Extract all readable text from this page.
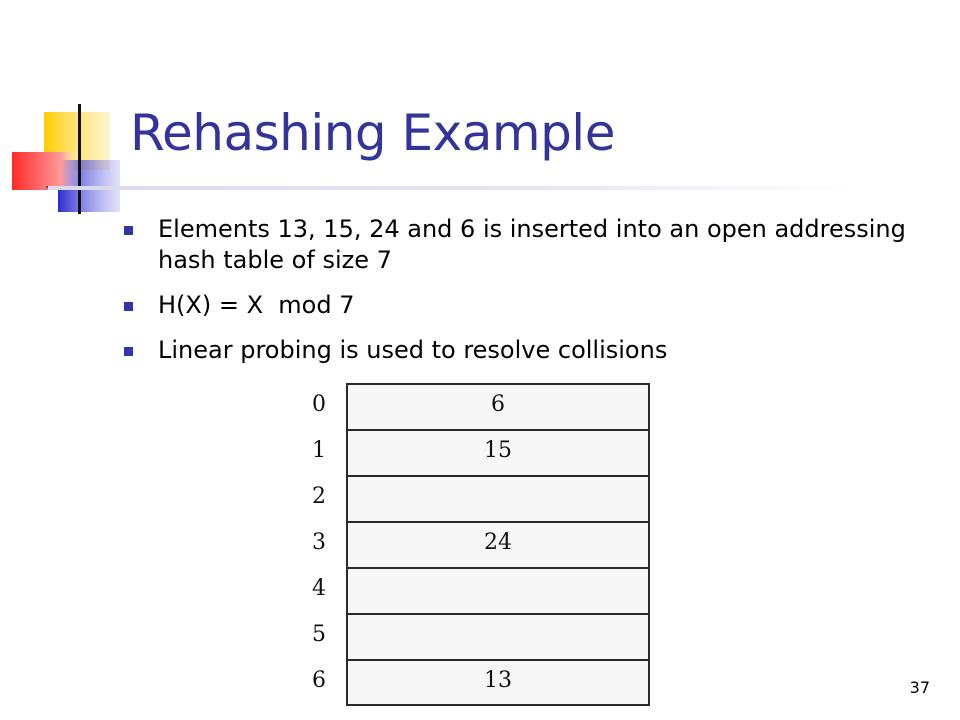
Rehashing Example
Elements 13, 15, 24 and 6 is inserted into an open addressing hash table of size 7
H(X) = X  mod 7
Linear probing is used to resolve collisions
0
1
2
3
4
5
6
6
15
24
13	37
